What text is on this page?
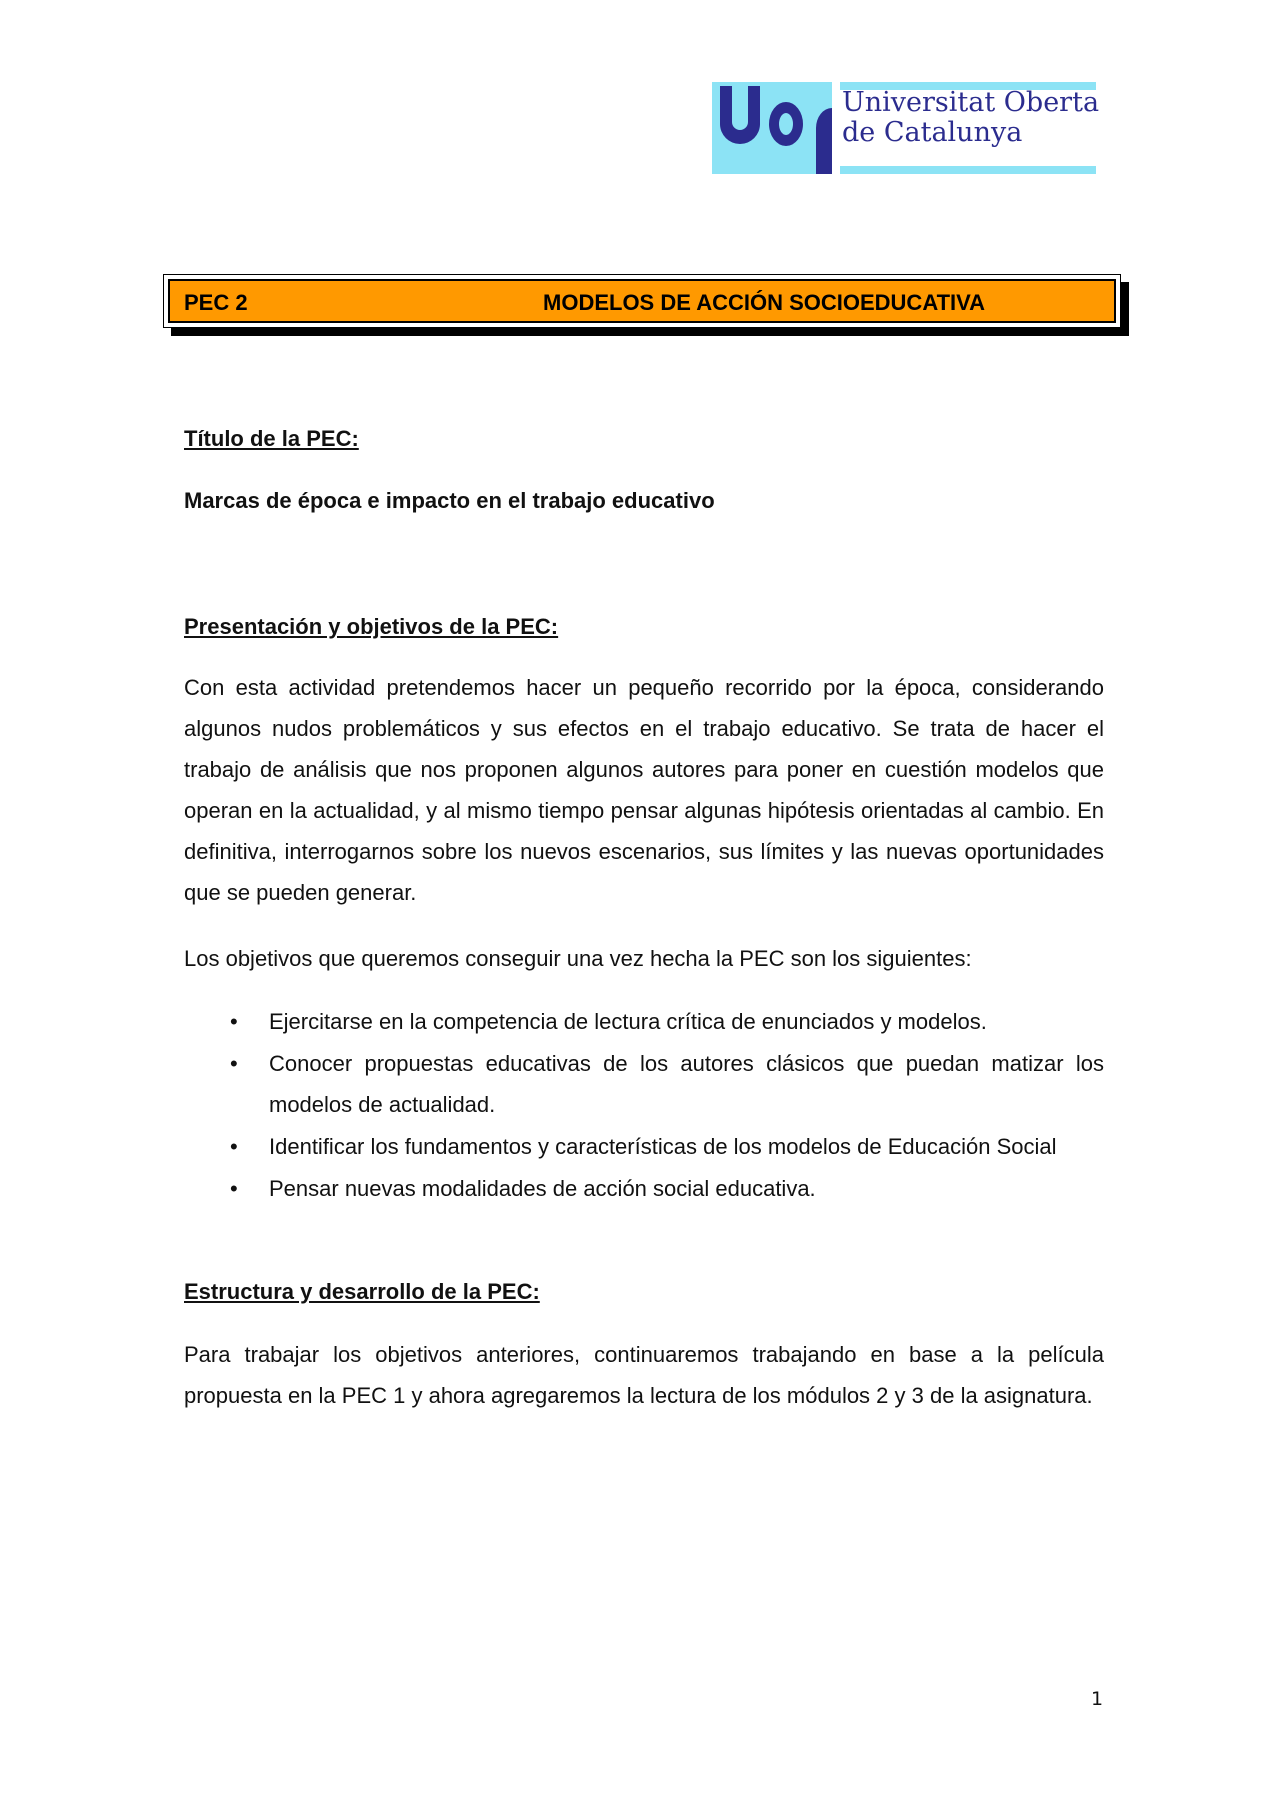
Universitat Oberta
de Catalunya
PEC 2	MODELOS DE ACCIÓN SOCIOEDUCATIVA
Título de la PEC:
Marcas de época e impacto en el trabajo educativo
Presentación y objetivos de la PEC:
Con esta actividad pretendemos hacer un pequeño recorrido por la época, considerando algunos nudos problemáticos y sus efectos en el trabajo educativo. Se trata de hacer el trabajo de análisis que nos proponen algunos autores para poner en cuestión modelos que operan en la actualidad, y al mismo tiempo pensar algunas hipótesis orientadas al cambio. En definitiva, interrogarnos sobre los nuevos escenarios, sus límites y las nuevas oportunidades que se pueden generar.
Los objetivos que queremos conseguir una vez hecha la PEC son los siguientes:
• Ejercitarse en la competencia de lectura crítica de enunciados y modelos.
• Conocer propuestas educativas de los autores clásicos que puedan matizar los modelos de actualidad.
• Identificar los fundamentos y características de los modelos de Educación Social
• Pensar nuevas modalidades de acción social educativa.
Estructura y desarrollo de la PEC:
Para trabajar los objetivos anteriores, continuaremos trabajando en base a la película propuesta en la PEC 1 y ahora agregaremos la lectura de los módulos 2 y 3 de la asignatura.
1
